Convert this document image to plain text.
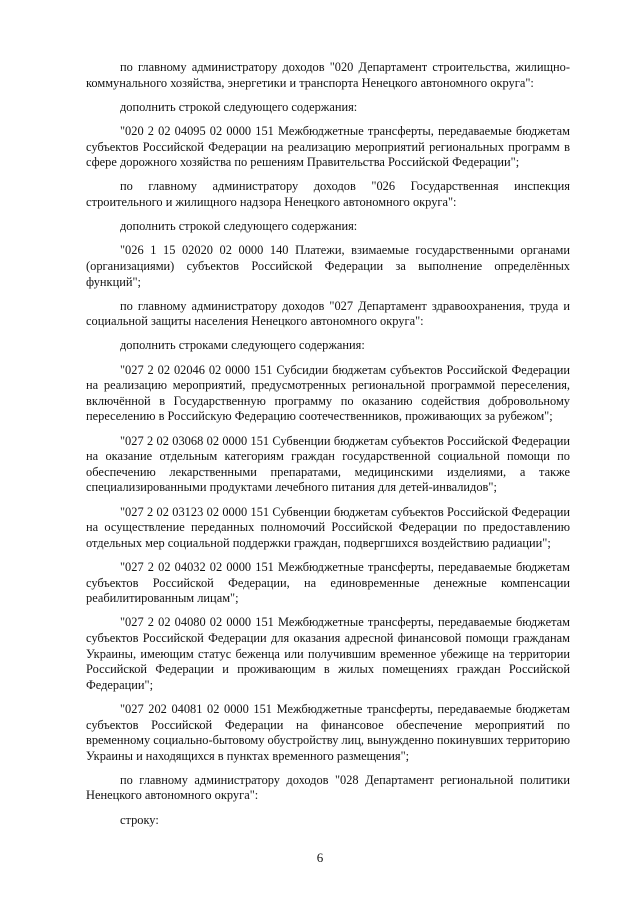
по главному администратору доходов "020 Департамент строительства, жилищно-коммунального хозяйства, энергетики и транспорта Ненецкого автономного округа":

дополнить строкой следующего содержания:

"020 2 02 04095 02 0000 151 Межбюджетные трансферты, передаваемые бюджетам субъектов Российской Федерации на реализацию мероприятий региональных программ в сфере дорожного хозяйства по решениям Правительства Российской Федерации";

по главному администратору доходов "026 Государственная инспекция строительного и жилищного надзора Ненецкого автономного округа":

дополнить строкой следующего содержания:

"026 1 15 02020 02 0000 140 Платежи, взимаемые государственными органами (организациями) субъектов Российской Федерации за выполнение определённых функций";

по главному администратору доходов "027 Департамент здравоохранения, труда и социальной защиты населения Ненецкого автономного округа":

дополнить строками следующего содержания:

"027 2 02 02046 02 0000 151 Субсидии бюджетам субъектов Российской Федерации на реализацию мероприятий, предусмотренных региональной программой переселения, включённой в Государственную программу по оказанию содействия добровольному переселению в Российскую Федерацию соотечественников, проживающих за рубежом";

"027 2 02 03068 02 0000 151 Субвенции бюджетам субъектов Российской Федерации на оказание отдельным категориям граждан государственной социальной помощи по обеспечению лекарственными препаратами, медицинскими изделиями, а также специализированными продуктами лечебного питания для детей-инвалидов";

"027 2 02 03123 02 0000 151 Субвенции бюджетам субъектов Российской Федерации на осуществление переданных полномочий Российской Федерации по предоставлению отдельных мер социальной поддержки граждан, подвергшихся воздействию радиации";

"027 2 02 04032 02 0000 151 Межбюджетные трансферты, передаваемые бюджетам субъектов Российской Федерации, на единовременные денежные компенсации реабилитированным лицам";

"027 2 02 04080 02 0000 151 Межбюджетные трансферты, передаваемые бюджетам субъектов Российской Федерации для оказания адресной финансовой помощи гражданам Украины, имеющим статус беженца или получившим временное убежище на территории Российской Федерации и проживающим в жилых помещениях граждан Российской Федерации";

"027 202 04081 02 0000 151 Межбюджетные трансферты, передаваемые бюджетам субъектов Российской Федерации на финансовое обеспечение мероприятий по временному социально-бытовому обустройству лиц, вынужденно покинувших территорию Украины и находящихся в пунктах временного размещения";

по главному администратору доходов "028 Департамент региональной политики Ненецкого автономного округа":

строку:

6
